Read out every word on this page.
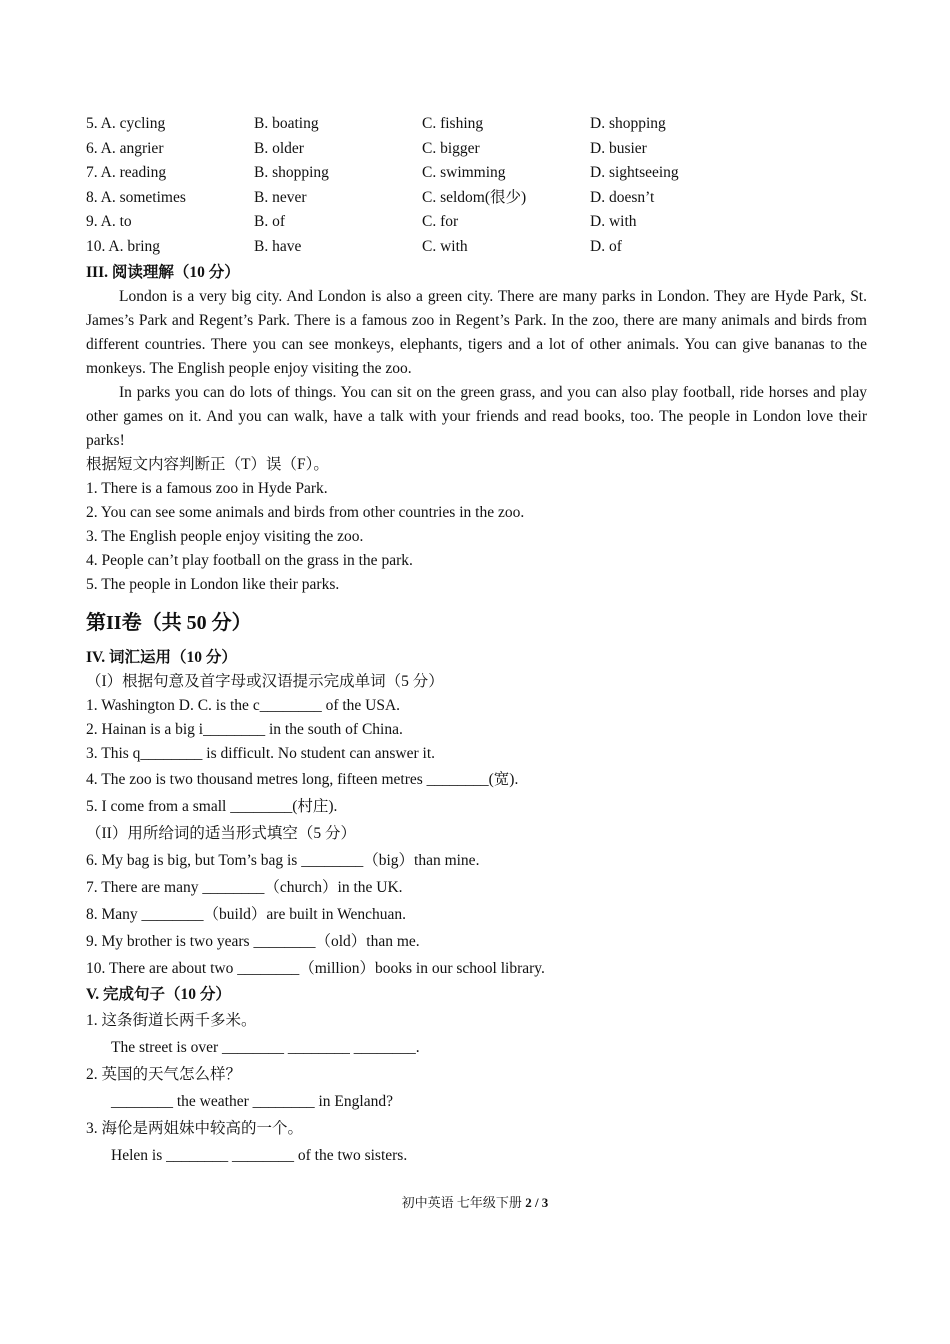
5. A. cycling	B. boating	C. fishing	D. shopping
6. A. angrier	B. older	C. bigger	D. busier
7. A. reading	B. shopping	C. swimming	D. sightseeing
8. A. sometimes	B. never	C. seldom(很少)	D. doesn’t
9. A. to	B. of	C. for	D. with
10. A. bring	B. have	C. with	D. of
III. 阅读理解（10 分）

London is a very big city. And London is also a green city. There are many parks in London. They are Hyde Park, St. James’s Park and Regent’s Park. There is a famous zoo in Regent’s Park. In the zoo, there are many animals and birds from different countries. There you can see monkeys, elephants, tigers and a lot of other animals. You can give bananas to the monkeys. The English people enjoy visiting the zoo.

In parks you can do lots of things. You can sit on the green grass, and you can also play football, ride horses and play other games on it. And you can walk, have a talk with your friends and read books, too. The people in London love their parks!

根据短文内容判断正（T）误（F）。
1. There is a famous zoo in Hyde Park.
2. You can see some animals and birds from other countries in the zoo.
3. The English people enjoy visiting the zoo.
4. People can’t play football on the grass in the park.
5. The people in London like their parks.
第II卷（共 50 分）
IV. 词汇运用（10 分）
（I）根据句意及首字母或汉语提示完成单词（5 分）
1. Washington D. C. is the c________ of the USA.
2. Hainan is a big i________ in the south of China.
3. This q________ is difficult. No student can answer it.
4. The zoo is two thousand metres long, fifteen metres ________(宽).
5. I come from a small ________(村庄).
（II）用所给词的适当形式填空（5 分）
6. My bag is big, but Tom’s bag is ________（big）than mine.
7. There are many ________（church）in the UK.
8. Many ________（build）are built in Wenchuan.
9. My brother is two years ________（old）than me.
10. There are about two ________（million）books in our school library.
V. 完成句子（10 分）
1. 这条街道长两千多米。
The street is over ________ ________ ________.
2. 英国的天气怎么样？
________ the weather ________ in England?
3. 海伦是两姐妹中较高的一个。
Helen is ________ ________ of the two sisters.
初中英语 七年级下册 2 / 3
